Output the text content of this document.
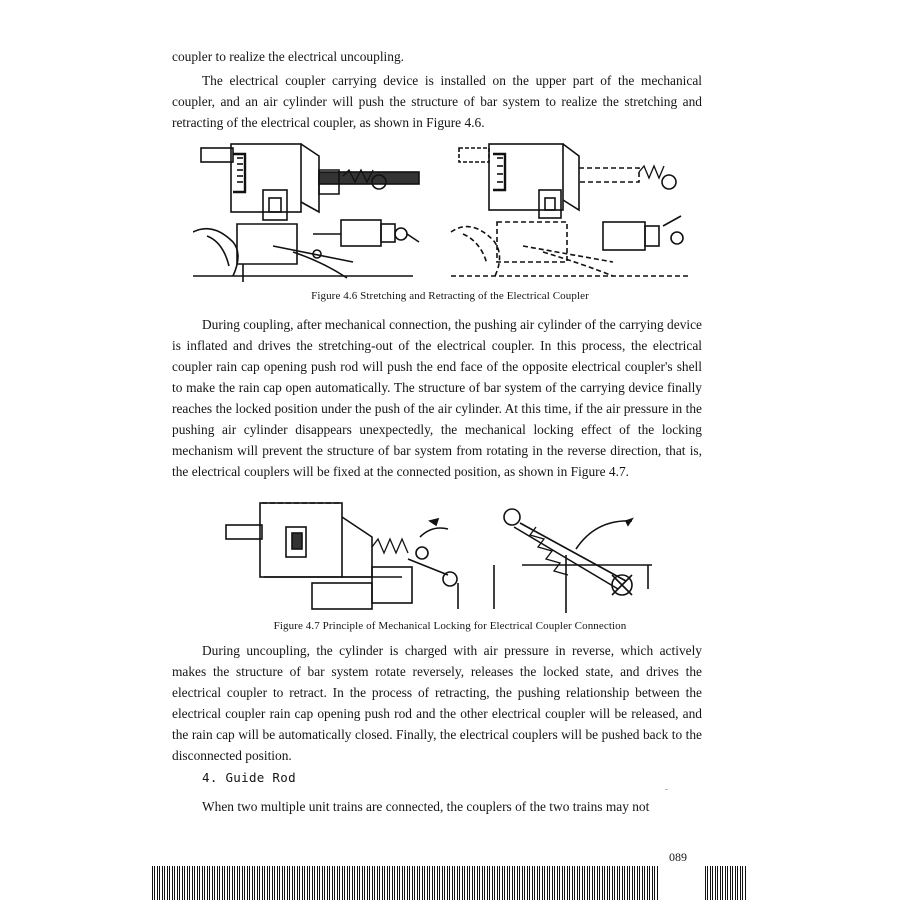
coupler to realize the electrical uncoupling.

The electrical coupler carrying device is installed on the upper part of the mechanical coupler, and an air cylinder will push the structure of bar system to realize the stretching and retracting of the electrical coupler, as shown in Figure 4.6.

Figure 4.6 Stretching and Retracting of the Electrical Coupler

During coupling, after mechanical connection, the pushing air cylinder of the carrying device is inflated and drives the stretching-out of the electrical coupler. In this process, the electrical coupler rain cap opening push rod will push the end face of the opposite electrical coupler's shell to make the rain cap open automatically. The structure of bar system of the carrying device finally reaches the locked position under the push of the air cylinder. At this time, if the air pressure in the pushing air cylinder disappears unexpectedly, the mechanical locking effect of the locking mechanism will prevent the structure of bar system from rotating in the reverse direction, that is, the electrical couplers will be fixed at the connected position, as shown in Figure 4.7.

Figure 4.7 Principle of Mechanical Locking for Electrical Coupler Connection

During uncoupling, the cylinder is charged with air pressure in reverse, which actively makes the structure of bar system rotate reversely, releases the locked state, and drives the electrical coupler to retract. In the process of retracting, the pushing relationship between the electrical coupler rain cap opening push rod and the other electrical coupler will be released, and the rain cap will be automatically closed. Finally, the electrical couplers will be pushed back to the disconnected position.

4. Guide Rod

When two multiple unit trains are connected, the couplers of the two trains may not

089
